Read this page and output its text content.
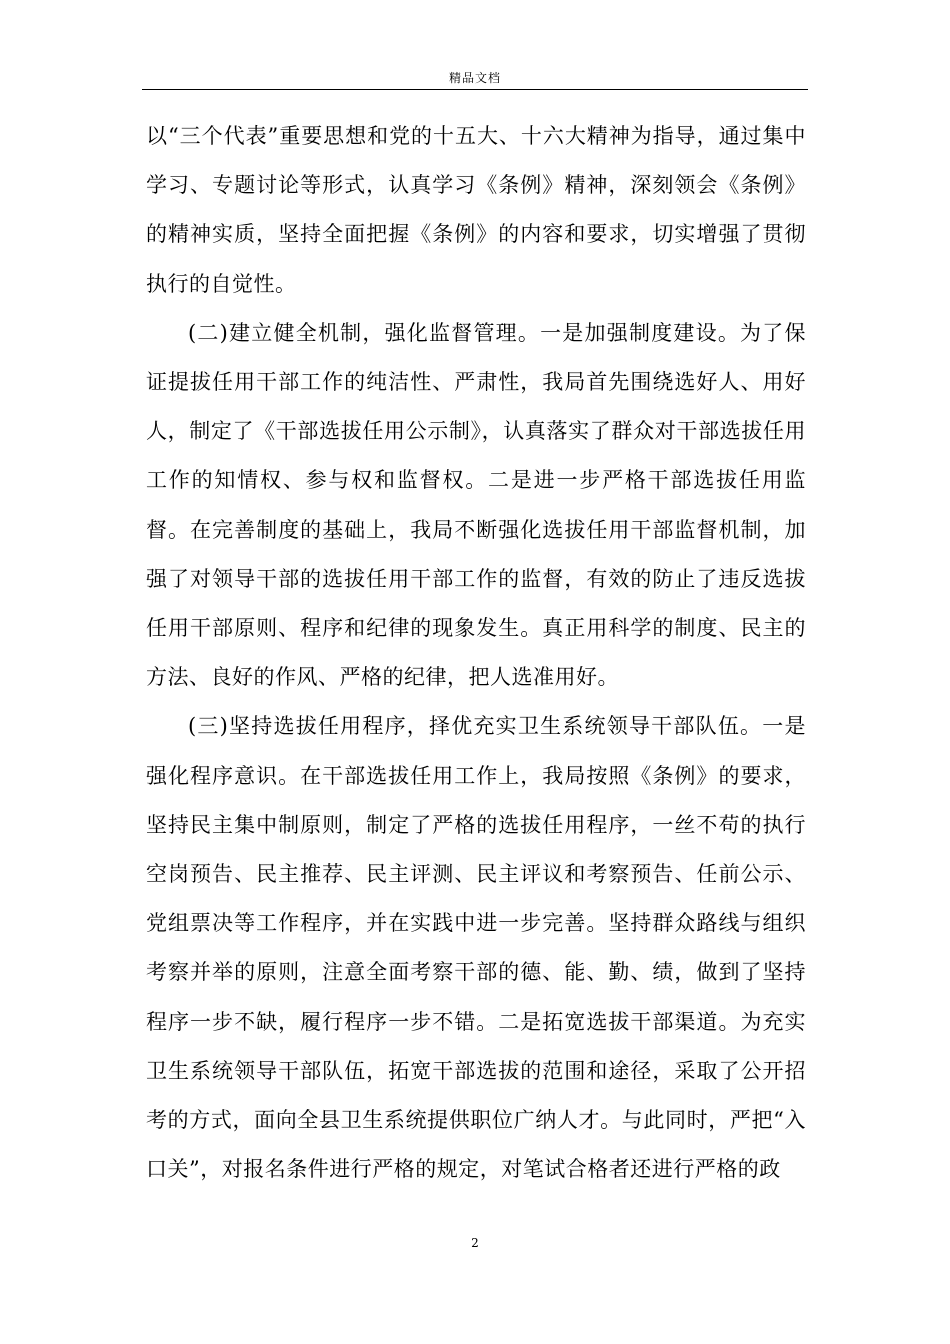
精品文档

以“三个代表”重要思想和党的十五大、十六大精神为指导，通过集中学习、专题讨论等形式，认真学习《条例》精神，深刻领会《条例》的精神实质，坚持全面把握《条例》的内容和要求，切实增强了贯彻执行的自觉性。

(二)建立健全机制，强化监督管理。一是加强制度建设。为了保证提拔任用干部工作的纯洁性、严肃性，我局首先围绕选好人、用好人，制定了《干部选拔任用公示制》，认真落实了群众对干部选拔任用工作的知情权、参与权和监督权。二是进一步严格干部选拔任用监督。在完善制度的基础上，我局不断强化选拔任用干部监督机制，加强了对领导干部的选拔任用干部工作的监督，有效的防止了违反选拔任用干部原则、程序和纪律的现象发生。真正用科学的制度、民主的方法、良好的作风、严格的纪律，把人选准用好。

(三)坚持选拔任用程序，择优充实卫生系统领导干部队伍。一是强化程序意识。在干部选拔任用工作上，我局按照《条例》的要求，坚持民主集中制原则，制定了严格的选拔任用程序，一丝不苟的执行空岗预告、民主推荐、民主评测、民主评议和考察预告、任前公示、党组票决等工作程序，并在实践中进一步完善。坚持群众路线与组织考察并举的原则，注意全面考察干部的德、能、勤、绩，做到了坚持程序一步不缺，履行程序一步不错。二是拓宽选拔干部渠道。为充实卫生系统领导干部队伍，拓宽干部选拔的范围和途径，采取了公开招考的方式，面向全县卫生系统提供职位广纳人才。与此同时，严把“入口关”，对报名条件进行严格的规定，对笔试合格者还进行严格的政

2
